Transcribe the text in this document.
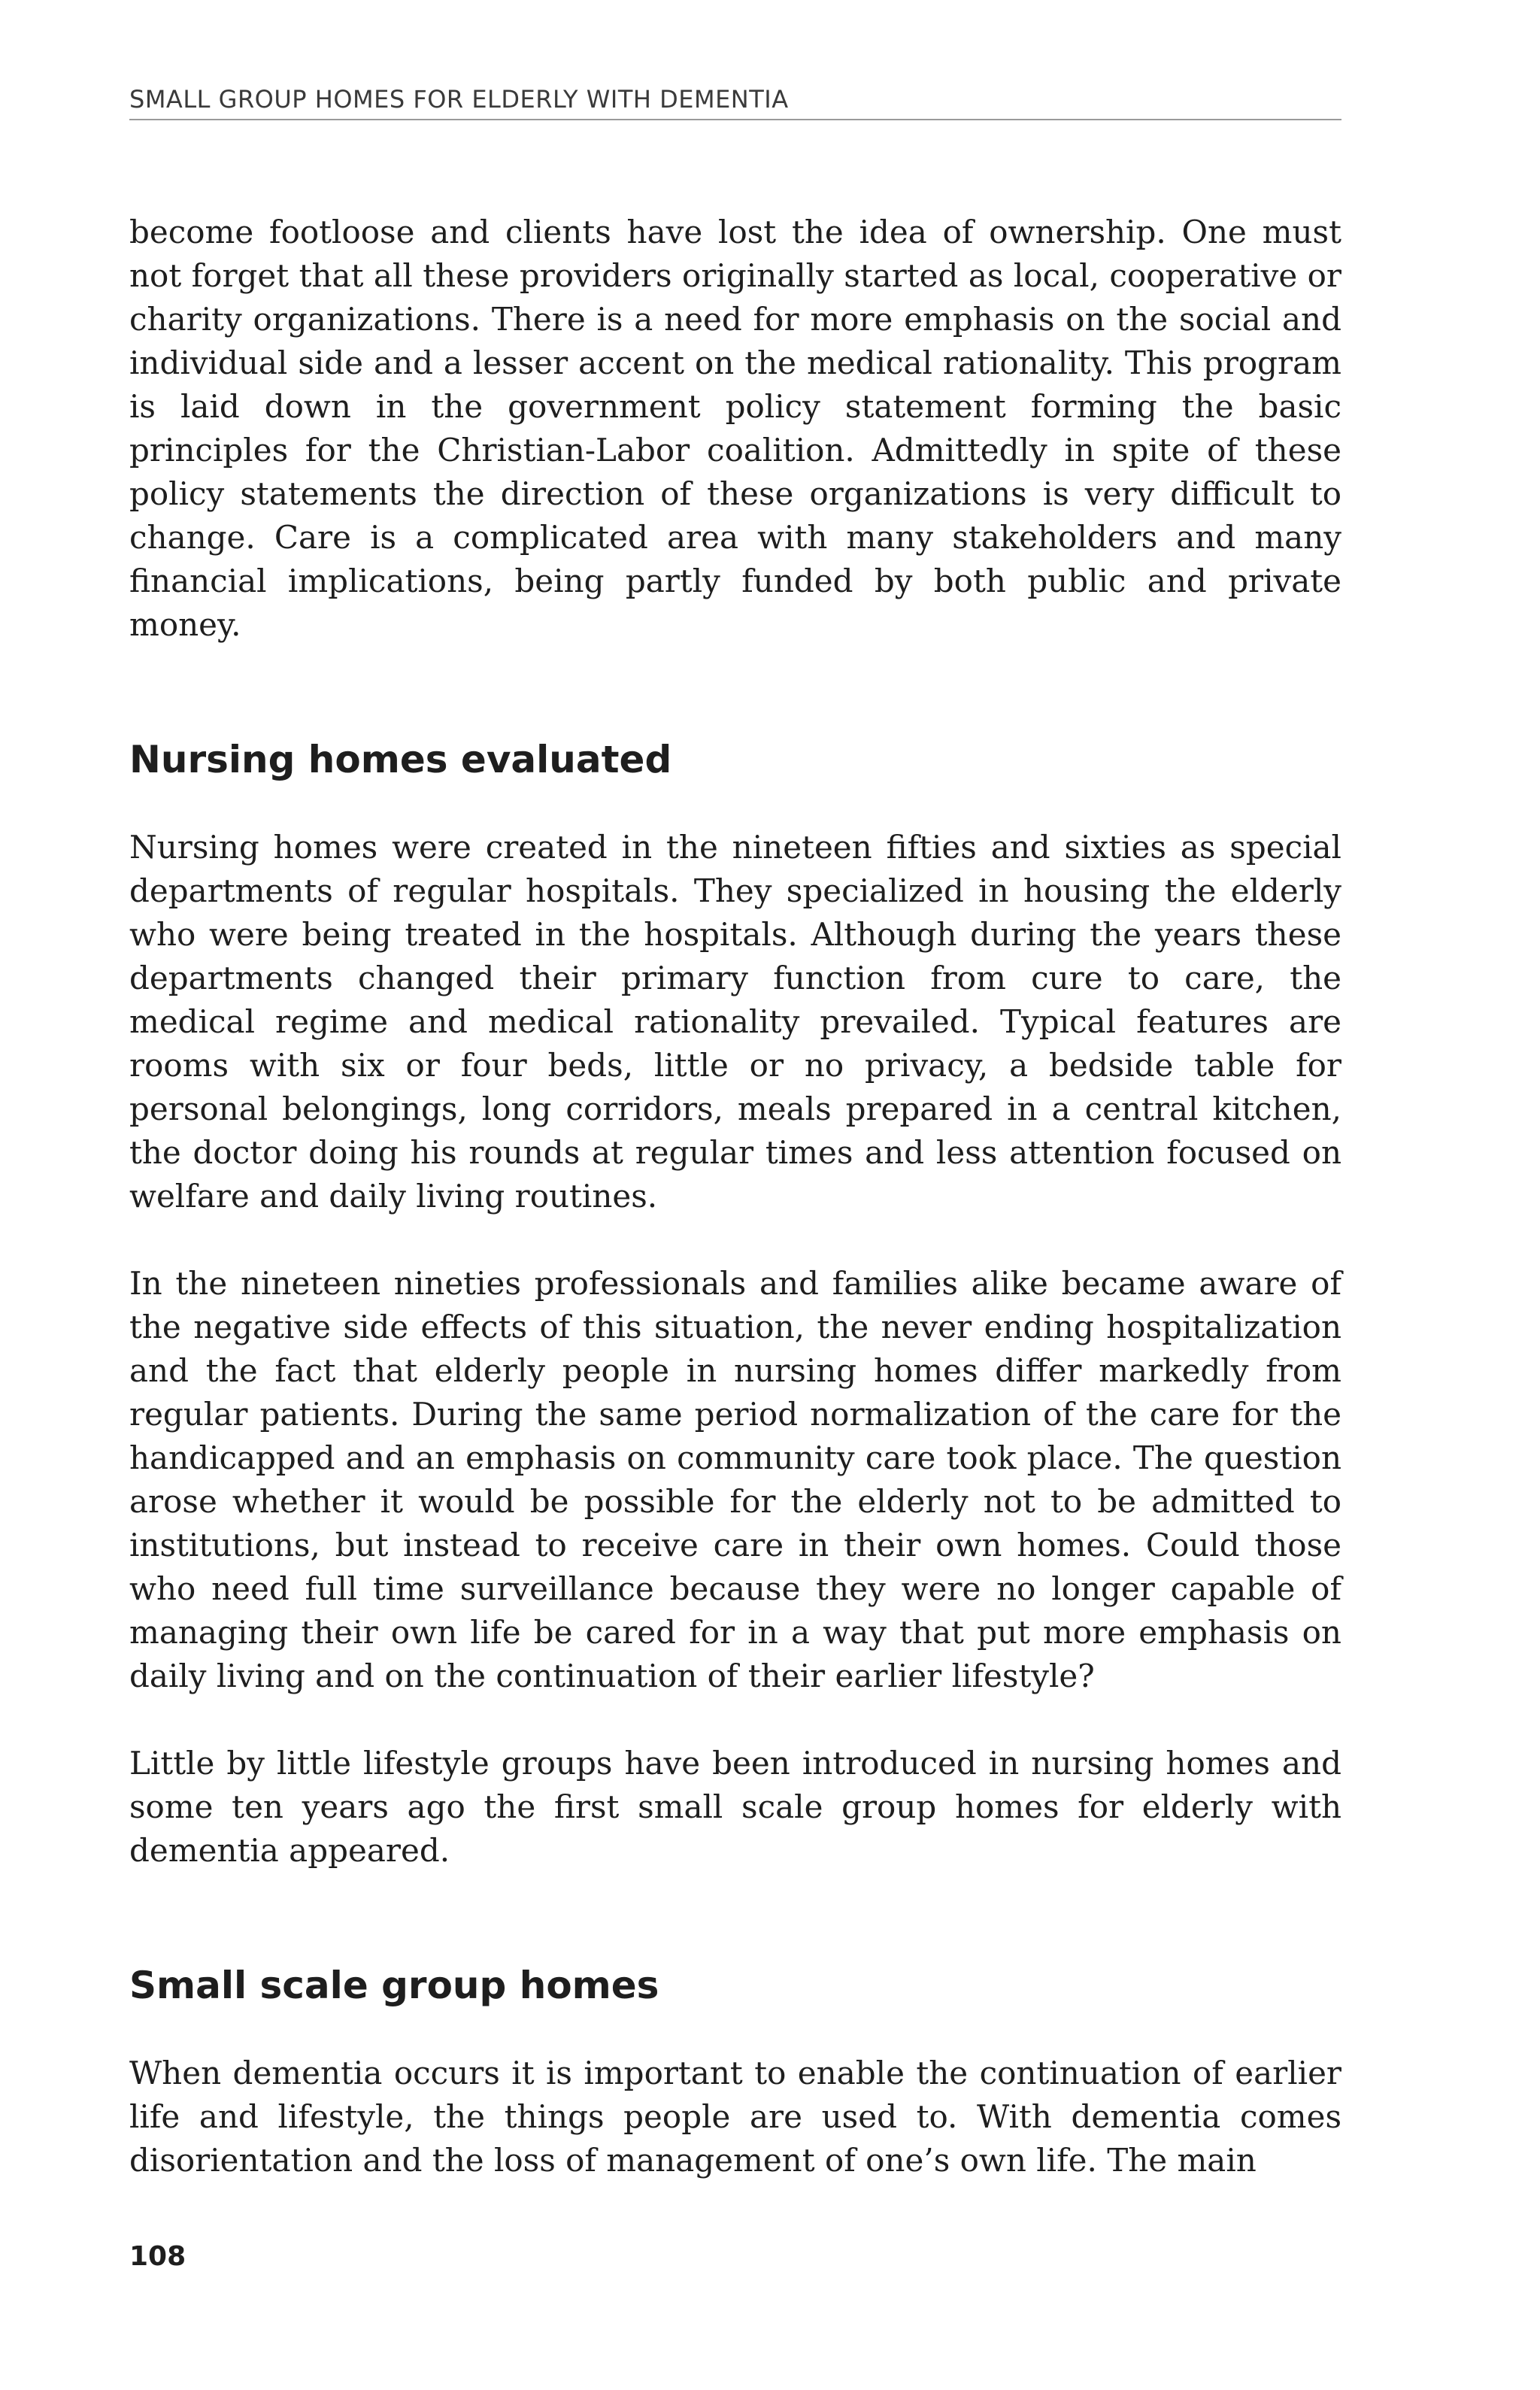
SMALL GROUP HOMES FOR ELDERLY WITH DEMENTIA

become footloose and clients have lost the idea of ownership. One must not forget that all these providers originally started as local, cooperative or charity organizations. There is a need for more emphasis on the social and individual side and a lesser accent on the medical rationality. This program is laid down in the government policy statement forming the basic principles for the Christian-Labor coalition. Admittedly in spite of these policy statements the direction of these organizations is very difficult to change. Care is a complicated area with many stakeholders and many financial implications, being partly funded by both public and private money.

Nursing homes evaluated

Nursing homes were created in the nineteen fifties and sixties as special departments of regular hospitals. They specialized in housing the elderly who were being treated in the hospitals. Although during the years these departments changed their primary function from cure to care, the medical regime and medical rationality prevailed. Typical features are rooms with six or four beds, little or no privacy, a bedside table for personal belongings, long corridors, meals prepared in a central kitchen, the doctor doing his rounds at regular times and less attention focused on welfare and daily living routines.

In the nineteen nineties professionals and families alike became aware of the negative side effects of this situation, the never ending hospitalization and the fact that elderly people in nursing homes differ markedly from regular patients. During the same period normalization of the care for the handicapped and an emphasis on community care took place. The question arose whether it would be possible for the elderly not to be admitted to institutions, but instead to receive care in their own homes. Could those who need full time surveillance because they were no longer capable of managing their own life be cared for in a way that put more emphasis on daily living and on the continuation of their earlier lifestyle?

Little by little lifestyle groups have been introduced in nursing homes and some ten years ago the first small scale group homes for elderly with dementia appeared.

Small scale group homes

When dementia occurs it is important to enable the continuation of earlier life and lifestyle, the things people are used to. With dementia comes disorientation and the loss of management of one’s own life. The main

108
